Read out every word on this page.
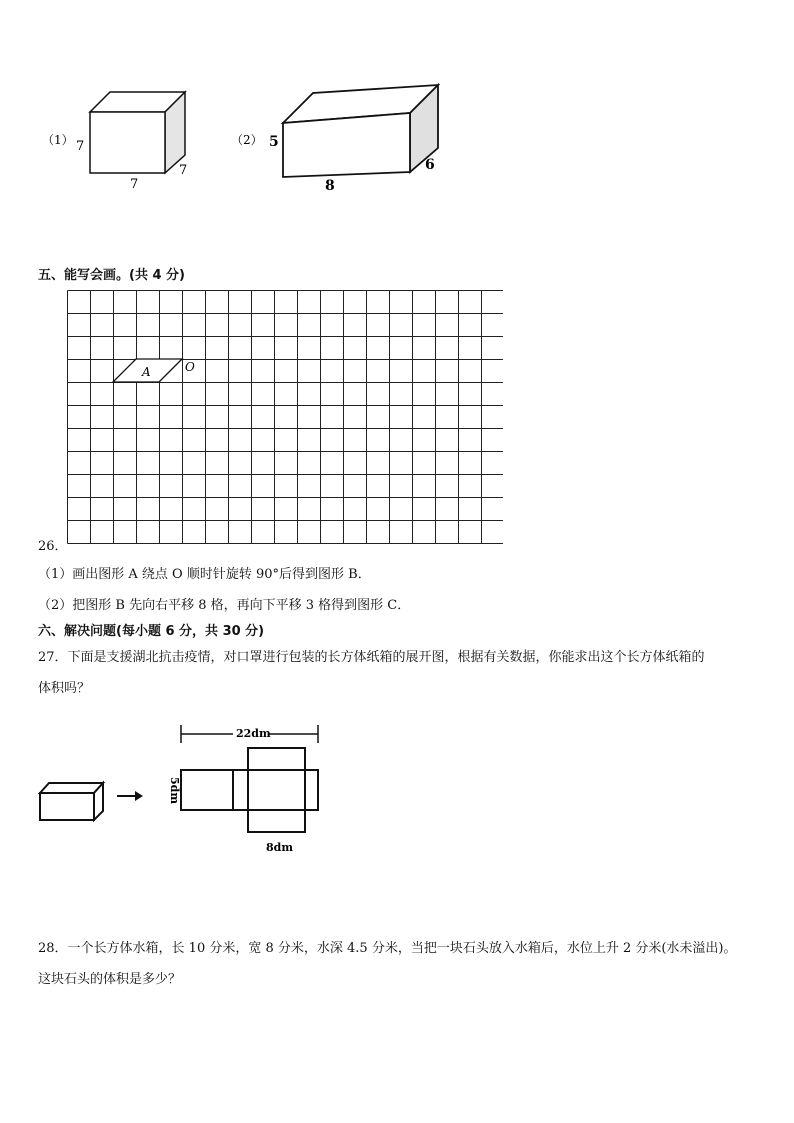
（1） 7
7
7
（2） 5
8
6
五、能写会画。(共 4 分)
A	O
26．
（1）画出图形 A 绕点 O 顺时针旋转 90°后得到图形 B．
（2）把图形 B 先向右平移 8 格，再向下平移 3 格得到图形 C．
六、解决问题(每小题 6 分，共 30 分)
27．下面是支援湖北抗击疫情，对口罩进行包装的长方体纸箱的展开图，根据有关数据，你能求出这个长方体纸箱的
体积吗？
22dm
5dm
8dm
28．一个长方体水箱，长 10 分米，宽 8 分米，水深 4.5 分米，当把一块石头放入水箱后，水位上升 2 分米(水未溢出)。
这块石头的体积是多少？
